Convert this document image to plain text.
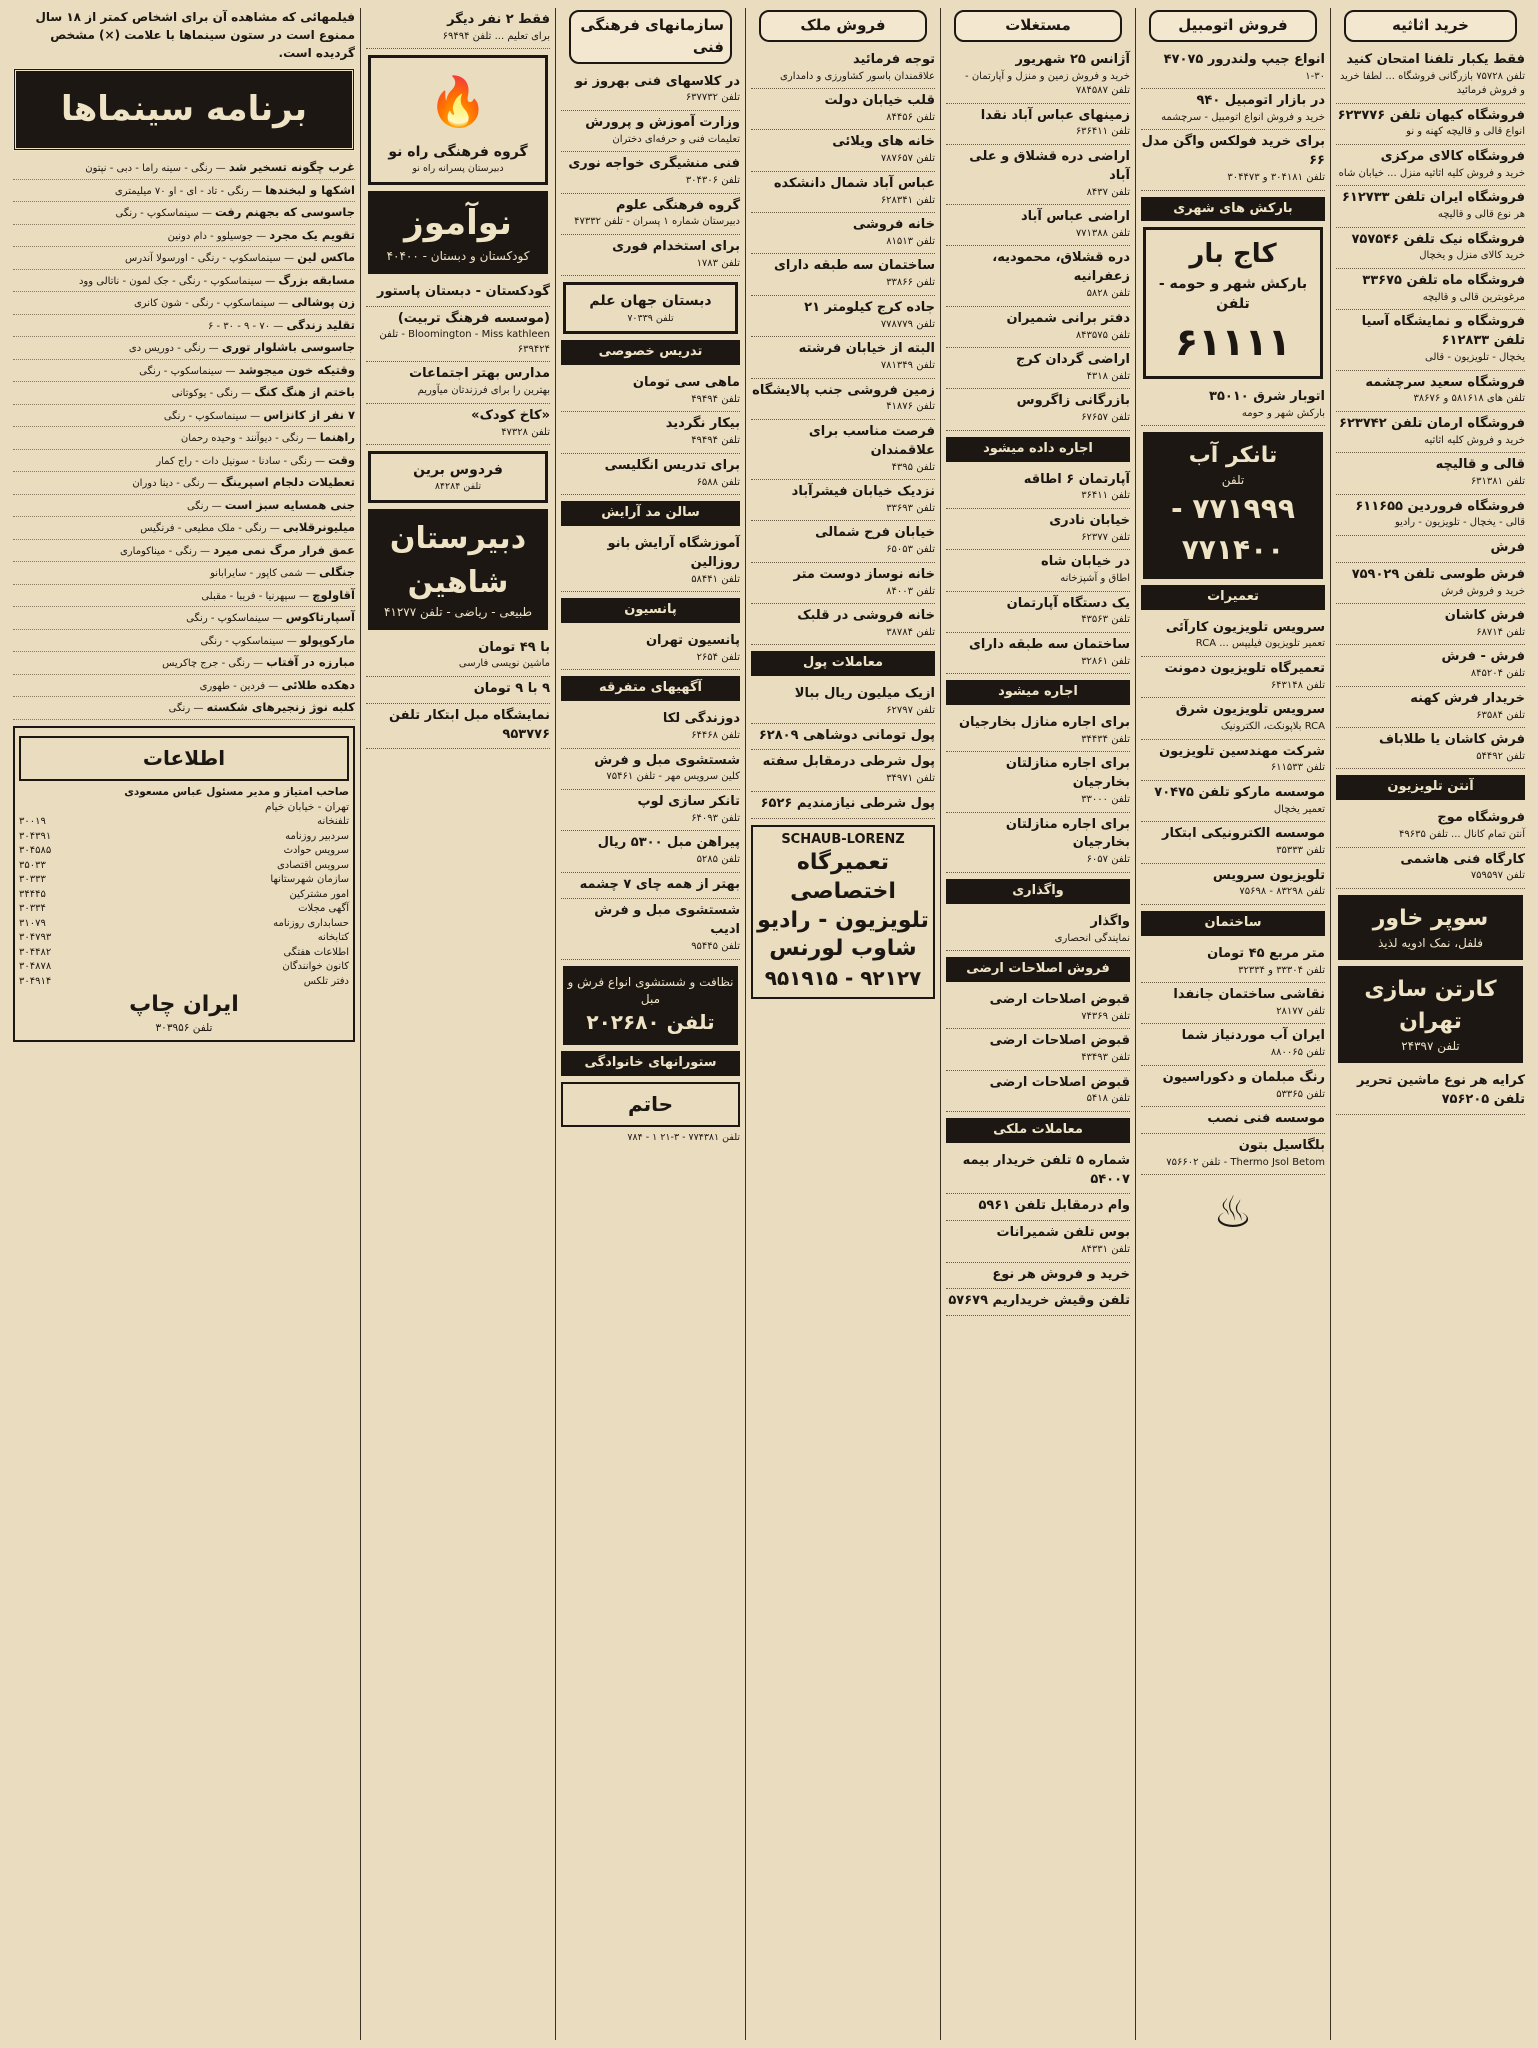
خرید اثاثیه
فقط یکبار تلفنا امتحان کنید
تلفن ۷۵۷۲۸ بازرگانی فروشگاه ... لطفا خرید و فروش فرمائید
فروشگاه کیهان تلفن ۶۲۳۷۷۶
انواع قالی و قالیچه کهنه و نو
فروشگاه کالای مرکزی
خرید و فروش کلیه اثاثیه منزل ... خیابان شاه
فروشگاه ایران تلفن ۶۱۲۷۳۳
هر نوع قالی و قالیچه
فروشگاه نیک تلفن ۷۵۷۵۴۶
خرید کالای منزل و یخچال
فروشگاه ماه تلفن ۳۳۶۷۵
مرغوبترین قالی و قالیچه
فروشگاه و نمایشگاه آسیا تلفن ۶۱۲۸۳۳
یخچال - تلویزیون - قالی
فروشگاه سعید سرچشمه
تلفن های ۵۸۱۶۱۸ و ۳۸۶۷۶
فروشگاه ارمان تلفن ۶۲۳۷۴۲
خرید و فروش کلیه اثاثیه
قالی و قالیچه
تلفن ۶۳۱۳۸۱
فروشگاه فروردین ۶۱۱۶۵۵
قالی - یخچال - تلویزیون - رادیو
فرش
فرش طوسی تلفن ۷۵۹۰۲۹
خرید و فروش فرش
فرش کاشان
تلفن ۶۸۷۱۴
فرش - فرش
تلفن ۸۴۵۲۰۴
خریدار فرش کهنه
تلفن ۶۳۵۸۴
فرش کاشان یا طلاباف
تلفن ۵۴۴۹۲
آنتن تلویزیون
فروشگاه موج
آنتن تمام کانال ... تلفن ۴۹۶۳۵
کارگاه فنی هاشمی
تلفن ۷۵۹۵۹۷
سوپر خاور
فلفل، نمک ادویه لذیذ
کارتن سازی تهران
تلفن ۲۴۳۹۷
کرایه هر نوع ماشین تحریر تلفن ۷۵۶۲۰۵
فروش اتومبیل
انواع جیپ ولندرور ۴۷۰۷۵
۱-۳۰
در بازار اتومبیل ۹۴۰
خرید و فروش انواع اتومبیل - سرچشمه
برای خرید فولکس واگن مدل ۶۶
تلفن ۳۰۴۱۸۱ و ۳۰۴۴۷۳
بارکش های شهری
کاج بار
بارکش شهر و حومه - تلفن
۶۱۱۱۱
اتوبار شرق ۳۵۰۱۰
بارکش شهر و حومه
تانکر آب
تلفن
۷۷۱۹۹۹ - ۷۷۱۴۰۰
تعمیرات
سرویس تلویزیون کارآئی
تعمیر تلویزیون فیلیپس ... RCA
تعمیرگاه تلویزیون دمونت
تلفن ۶۴۳۱۴۸
سرویس تلویزیون شرق
RCA بلاپونکت، الکترونیک
شرکت مهندسین تلویزیون
تلفن ۶۱۱۵۳۳
موسسه مارکو تلفن ۷۰۴۷۵
تعمیر یخچال
موسسه الکترونیکی ابتکار
تلفن ۳۵۳۳۳
تلویزیون سرویس
تلفن ۸۳۲۹۸ - ۷۵۶۹۸
ساختمان
متر مربع ۴۵ تومان
تلفن ۳۳۳۰۴ و ۳۲۳۳۴
نقاشی ساختمان جانفدا
تلفن ۲۸۱۷۷
ایران آب موردنیاز شما
تلفن ۸۸۰۰۶۵
رنگ مبلمان و دکوراسیون
تلفن ۵۳۳۶۵
موسسه فنی نصب
بلگاسیل بتون
Thermo Jsol Betom - تلفن ۷۵۶۶۰۲
♨
مستغلات
آژانس ۲۵ شهریور
خرید و فروش زمین و منزل و آپارتمان - تلفن ۷۸۴۵۸۷
زمینهای عباس آباد نقدا
تلفن ۶۳۶۴۱۱
اراضی دره قشلاق و علی آباد
تلفن ۸۴۳۷
اراضی عباس آباد
تلفن ۷۷۱۳۸۸
دره قشلاق، محمودیه، زعفرانیه
تلفن ۵۸۲۸
دفتر برانی شمیران
تلفن ۸۴۳۵۷۵
اراضی گردان کرج
تلفن ۴۳۱۸
بازرگانی زاگروس
تلفن ۶۷۶۵۷
اجاره داده میشود
آپارتمان ۶ اطاقه
تلفن ۳۶۴۱۱
خیابان نادری
تلفن ۶۲۳۷۷
در خیابان شاه
اطاق و آشپزخانه
یک دستگاه آپارتمان
تلفن ۴۳۵۶۳
ساختمان سه طبقه دارای
تلفن ۳۲۸۶۱
اجاره میشود
برای اجاره منازل بخارجیان
تلفن ۳۴۴۳۴
برای اجاره منازلتان بخارجیان
تلفن ۳۳۰۰۰
برای اجاره منازلتان بخارجیان
تلفن ۶۰۵۷
واگذاری
واگذار
نمایندگی انحصاری
فروش اصلاحات ارضی
قبوض اصلاحات ارضی
تلفن ۷۴۳۶۹
قبوض اصلاحات ارضی
تلفن ۴۳۴۹۳
قبوض اصلاحات ارضی
تلفن ۵۴۱۸
معاملات ملکی
شماره ۵ تلفن خریدار بیمه ۵۴۰۰۷
وام درمقابل تلفن ۵۹۶۱
بوس تلفن شمیرانات
تلفن ۸۴۳۳۱
خرید و فروش هر نوع
تلفن وقیش خریداریم ۵۷۶۷۹
فروش ملک
توجه فرمائید
علاقمندان باسور کشاورزی و دامداری
قلب خیابان دولت
تلفن ۸۴۴۵۶
خانه های ویلائی
تلفن ۷۸۷۶۵۷
عباس آباد شمال دانشکده
تلفن ۶۲۸۳۴۱
خانه فروشی
تلفن ۸۱۵۱۳
ساختمان سه طبقه دارای
تلفن ۳۳۸۶۶
جاده کرج کیلومتر ۲۱
تلفن ۷۷۸۷۷۹
البته از خیابان فرشته
تلفن ۷۸۱۳۴۹
زمین فروشی جنب پالایشگاه
تلفن ۴۱۸۷۶
فرصت مناسب برای علاقمندان
تلفن ۴۳۹۵
نزدیک خیابان فیشرآباد
تلفن ۳۳۶۹۳
خیابان فرح شمالی
تلفن ۶۵۰۵۳
خانه نوساز دوست متر
تلفن ۸۴۰۰۳
خانه فروشی در قلبک
تلفن ۳۸۷۸۴
معاملات پول
ازیک میلیون ریال ببالا
تلفن ۶۲۷۹۷
پول تومانی دوشاهی ۶۲۸۰۹
پول شرطی درمقابل سفته
تلفن ۳۴۹۷۱
پول شرطی نیازمندیم ۶۵۲۶
SCHAUB-LORENZ
تعمیرگاه اختصاصی تلویزیون - رادیو شاوب لورنس
۹۲۱۲۷ - ۹۵۱۹۱۵
سازمانهای فرهنگی فنی
در کلاسهای فنی بهروز نو
تلفن ۶۳۷۷۳۲
وزارت آموزش و پرورش
تعلیمات فنی و حرفه‌ای دختران
فنی منشیگری خواجه نوری
تلفن ۳۰۴۳۰۶
گروه فرهنگی علوم
دبیرستان شماره ۱ پسران - تلفن ۴۷۳۳۲
برای استخدام فوری
تلفن ۱۷۸۳
دبستان جهان علم
تلفن ۷۰۳۳۹
تدریس خصوصی
ماهی سی تومان
تلفن ۴۹۴۹۴
بیکار نگردید
تلفن ۴۹۴۹۴
برای تدریس انگلیسی
تلفن ۶۵۸۸
سالن مد آرایش
آموزشگاه آرایش بانو روزالین
تلفن ۵۸۴۴۱
پانسیون
پانسیون تهران
تلفن ۲۶۵۴
آگهیهای متفرقه
دوزندگی لکا
تلفن ۶۴۴۶۸
شستشوی مبل و فرش
کلین سرویس مهر - تلفن ۷۵۴۶۱
تانکر سازی لوپ
تلفن ۶۴۰۹۳
پیراهن مبل ۵۳۰۰ ریال
تلفن ۵۲۸۵
بهتر از همه چای ۷ چشمه
شستشوی مبل و فرش ادیب
تلفن ۹۵۴۴۵
نظافت و شستشوی انواع فرش و مبل
تلفن ۲۰۲۶۸۰
ستورانهای خانوادگی
حاتم
تلفن ۷۷۴۳۸۱ - ۳-۲۱ ۱ - ۷۸۴
فقط ۲ نفر دیگر
برای تعلیم ... تلفن ۶۹۴۹۴
🔥
گروه فرهنگی راه نو
دبیرستان پسرانه راه نو
نوآموز
کودکستان و دبستان - ۴۰۴۰۰
گودکستان - دبستان پاستور
(موسسه فرهنگ تربیت)
Bloomington - Miss kathleen - تلفن ۶۳۹۴۲۴
مدارس بهتر اجتماعات
بهترین را برای فرزندتان میآوریم
«کاخ کودک»
تلفن ۴۷۳۲۸
فردوس برین
تلفن ۸۴۲۸۴
دبیرستان شاهین
طبیعی - ریاضی - تلفن ۴۱۲۷۷
با ۴۹ تومان
ماشین نویسی فارسی
۹ با ۹ تومان
نمایشگاه مبل ابتکار تلفن ۹۵۳۷۷۶
فیلمهائی که مشاهده آن برای اشخاص کمتر از ۱۸ سال ممنوع است در ستون سینماها با علامت (×) مشخص گردیده است.
برنامه سینماها
غرب چگونه تسخیر شد — رنگی - سینه راما - دبی - نپتون
اشکها و لبخندها — رنگی - تاد - ای - او ۷۰ میلیمتری
جاسوسی که بجهنم رفت — سینماسکوپ - رنگی
تقویم یک مجرد — جوسیلوو - دام دونین
ماکس لین — سینماسکوپ - رنگی - اورسولا آندرس
مسابقه بزرگ — سینماسکوپ - رنگی - جک لمون - ناتالی وود
زن پوشالی — سینماسکوپ - رنگی - شون کانری
تقلید زندگی — ۷۰ - ۹ - ۳۰ - ۶
جاسوسی باشلوار توری — رنگی - دوریس دی
وقتیکه خون میجوشد — سینماسکوپ - رنگی
باختم از هنگ کنگ — رنگی - یوکوتانی
۷ نفر از کانزاس — سینماسکوپ - رنگی
راهنما — رنگی - دیوآنند - وحیده رحمان
وقت — رنگی - سادنا - سونیل دات - راج کمار
تعطیلات دلجام اسپرینگ — رنگی - دینا دوران
جنی همسایه سبز است — رنگی
میلیونرقلابی — رنگی - ملک مطیعی - فرنگیس
عمق فرار مرگ نمی میرد — رنگی - میناکوماری
جنگلی — شمی کاپور - سایرابانو
آقاولوچ — سپهرنیا - فریبا - مقبلی
آسپارتاکوس — سینماسکوپ - رنگی
مارکوپولو — سینماسکوپ - رنگی
مبارزه در آفتاب — رنگی - جرج چاکریس
دهکده طلائی — فردین - طهوری
کلبه نوژ زنجیرهای شکسته — رنگی
اطلاعات
صاحب امتیاز و مدیر مسئول عباس مسعودی
تهران - خیابان خیام
تلفنخانه
۳۰۰۱۹
سردبیر روزنامه
۳۰۴۳۹۱
سرویس حوادث
۳۰۴۵۸۵
سرویس اقتصادی
۳۵۰۳۳
سازمان شهرستانها
۳۰۳۳۳
امور مشترکین
۳۴۴۴۵
آگهی مجلات
۳۰۳۳۴
حسابداری روزنامه
۳۱۰۷۹
کتابخانه
۳۰۴۷۹۳
اطلاعات هفتگی
۳۰۴۴۸۲
کانون خوانندگان
۳۰۴۸۷۸
دفتر تلکس
۳۰۴۹۱۴
ایران چاپ
تلفن ۳۰۳۹۵۶
